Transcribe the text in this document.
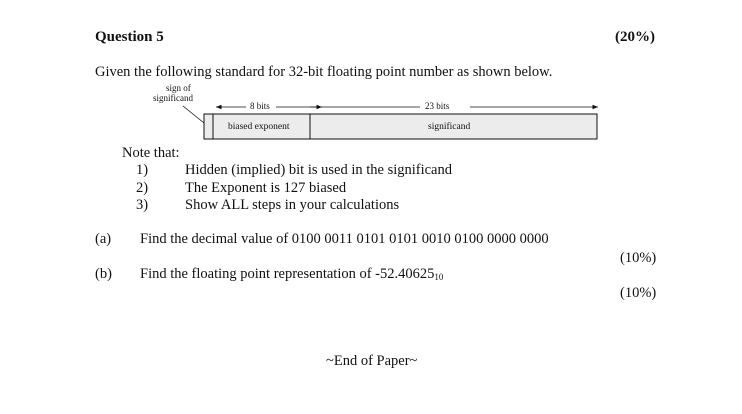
Question 5	(20%)
Given the following standard for 32-bit floating point number as shown below.
sign of
significand
8 bits	23 bits
biased exponent	significand
Note that:
1)	Hidden (implied) bit is used in the significand
2)	The Exponent is 127 biased
3)	Show ALL steps in your calculations
(a) Find the decimal value of 0100 0011 0101 0101 0010 0100 0000 0000
(10%)
(b) Find the floating point representation of $-52.40625_{10}$
(10%)
~End of Paper~
